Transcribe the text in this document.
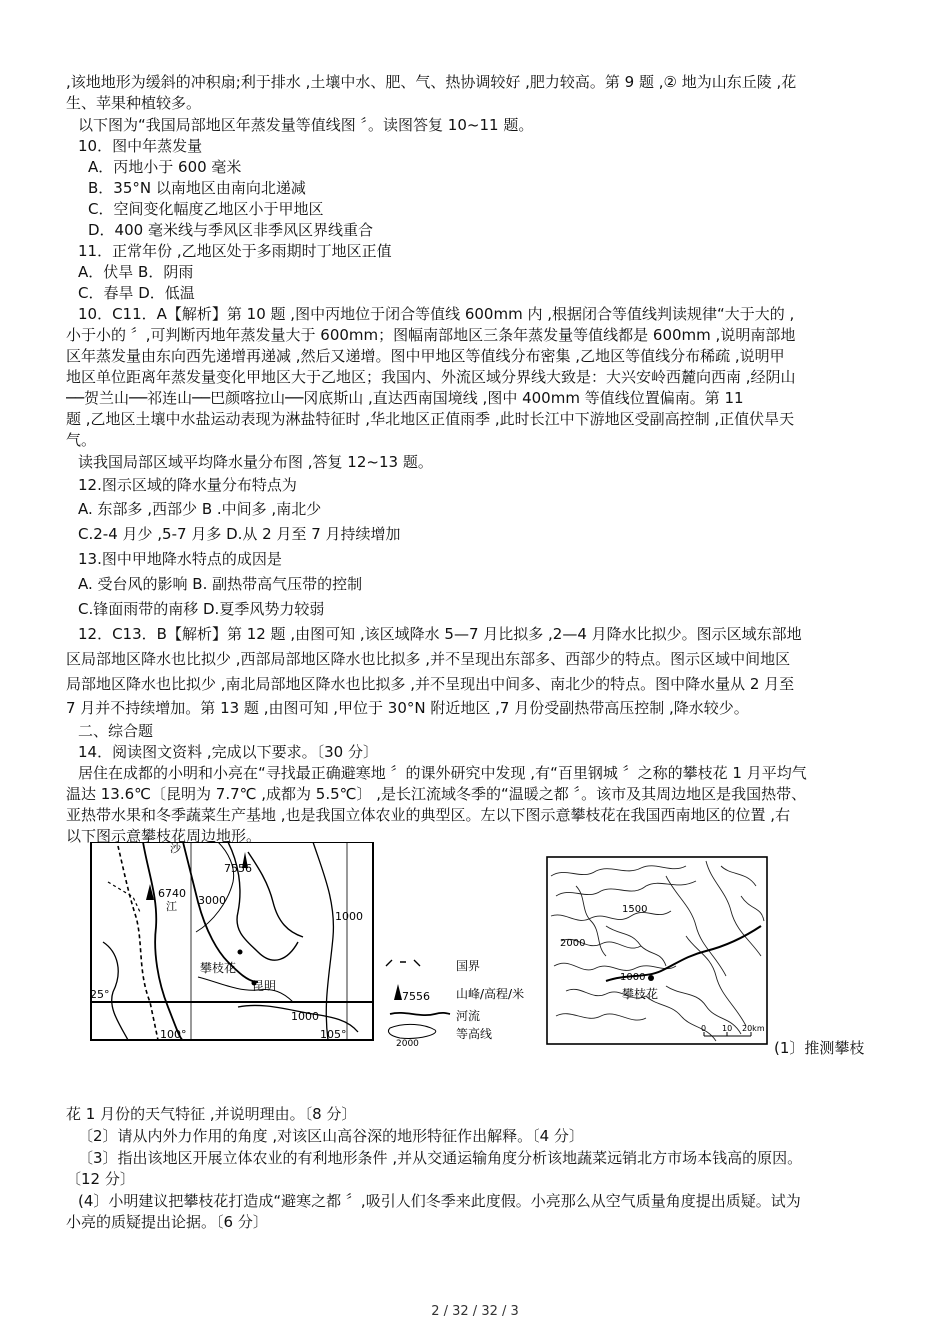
,该地地形为缓斜的冲积扇;利于排水 ,土壤中水、肥、气、热协调较好 ,肥力较高。第 9 题 ,② 地为山东丘陵 ,花
生、苹果种植较多。
以下图为“我国局部地区年蒸发量等值线图 〞。读图答复 10~11 题。
10．图中年蒸发量
A．丙地小于 600 毫米
B．35°N 以南地区由南向北递减
C．空间变化幅度乙地区小于甲地区
D．400 毫米线与季风区非季风区界线重合
11．正常年份 ,乙地区处于多雨期时丁地区正值
A．伏旱 B．阴雨
C．春旱 D．低温
10．C11．A【解析】第 10 题 ,图中丙地位于闭合等值线 600mm 内 ,根据闭合等值线判读规律“大于大的 ,
小于小的 〞,可判断丙地年蒸发量大于 600mm；图幅南部地区三条年蒸发量等值线都是 600mm ,说明南部地
区年蒸发量由东向西先递增再递减 ,然后又递增。图中甲地区等值线分布密集 ,乙地区等值线分布稀疏 ,说明甲
地区单位距离年蒸发量变化甲地区大于乙地区；我国内、外流区域分界线大致是：大兴安岭西麓向西南 ,经阴山
──贺兰山──祁连山──巴颜喀拉山──冈底斯山 ,直达西南国境线 ,图中 400mm 等值线位置偏南。第 11
题 ,乙地区土壤中水盐运动表现为淋盐特征时 ,华北地区正值雨季 ,此时长江中下游地区受副高控制 ,正值伏旱天
气。
读我国局部区域平均降水量分布图 ,答复 12~13 题。
12.图示区域的降水量分布特点为
A. 东部多 ,西部少 B .中间多 ,南北少
C.2-4 月少 ,5-7 月多 D.从 2 月至 7 月持续增加
13.图中甲地降水特点的成因是
A. 受台风的影响 B. 副热带高气压带的控制
C.锋面雨带的南移 D.夏季风势力较弱
12．C13．B【解析】第 12 题 ,由图可知 ,该区域降水 5—7 月比拟多 ,2—4 月降水比拟少。图示区域东部地
区局部地区降水也比拟少 ,西部局部地区降水也比拟多 ,并不呈现出东部多、西部少的特点。图示区域中间地区
局部地区降水也比拟少 ,南北局部地区降水也比拟多 ,并不呈现出中间多、南北少的特点。图中降水量从 2 月至
7 月并不持续增加。第 13 题 ,由图可知 ,甲位于 30°N 附近地区 ,7 月份受副热带高压控制 ,降水较少。
二、综合题
14．阅读图文资料 ,完成以下要求。〔30 分〕
居住在成都的小明和小亮在“寻找最正确避寒地 〞的课外研究中发现 ,有“百里钢城 〞之称的攀枝花 1 月平均气
温达 13.6℃〔昆明为 7.7℃ ,成都为 5.5℃〕 ,是长江流域冬季的“温暖之都 〞。该市及其周边地区是我国热带、
亚热带水果和冬季蔬菜生产基地 ,也是我国立体农业的典型区。左以下图示意攀枝花在我国西南地区的位置 ,右
以下图示意攀枝花周边地形。
沙
7556
6740
江 3000
1000
攀枝花
昆明
25°
1000
100°	105°
国界
7556 山峰/高程/米
河流
2000
等高线
1500
2000
1000
攀枝花
0 10 20km
(1〕推测攀枝
花 1 月份的天气特征 ,并说明理由。〔8 分〕
〔2〕请从内外力作用的角度 ,对该区山高谷深的地形特征作出解释。〔4 分〕
〔3〕指出该地区开展立体农业的有利地形条件 ,并从交通运输角度分析该地蔬菜远销北方市场本钱高的原因。
〔12 分〕
(4〕小明建议把攀枝花打造成“避寒之都 〞,吸引人们冬季来此度假。小亮那么从空气质量角度提出质疑。试为
小亮的质疑提出论据。〔6 分〕
2 / 32 / 32 / 3
